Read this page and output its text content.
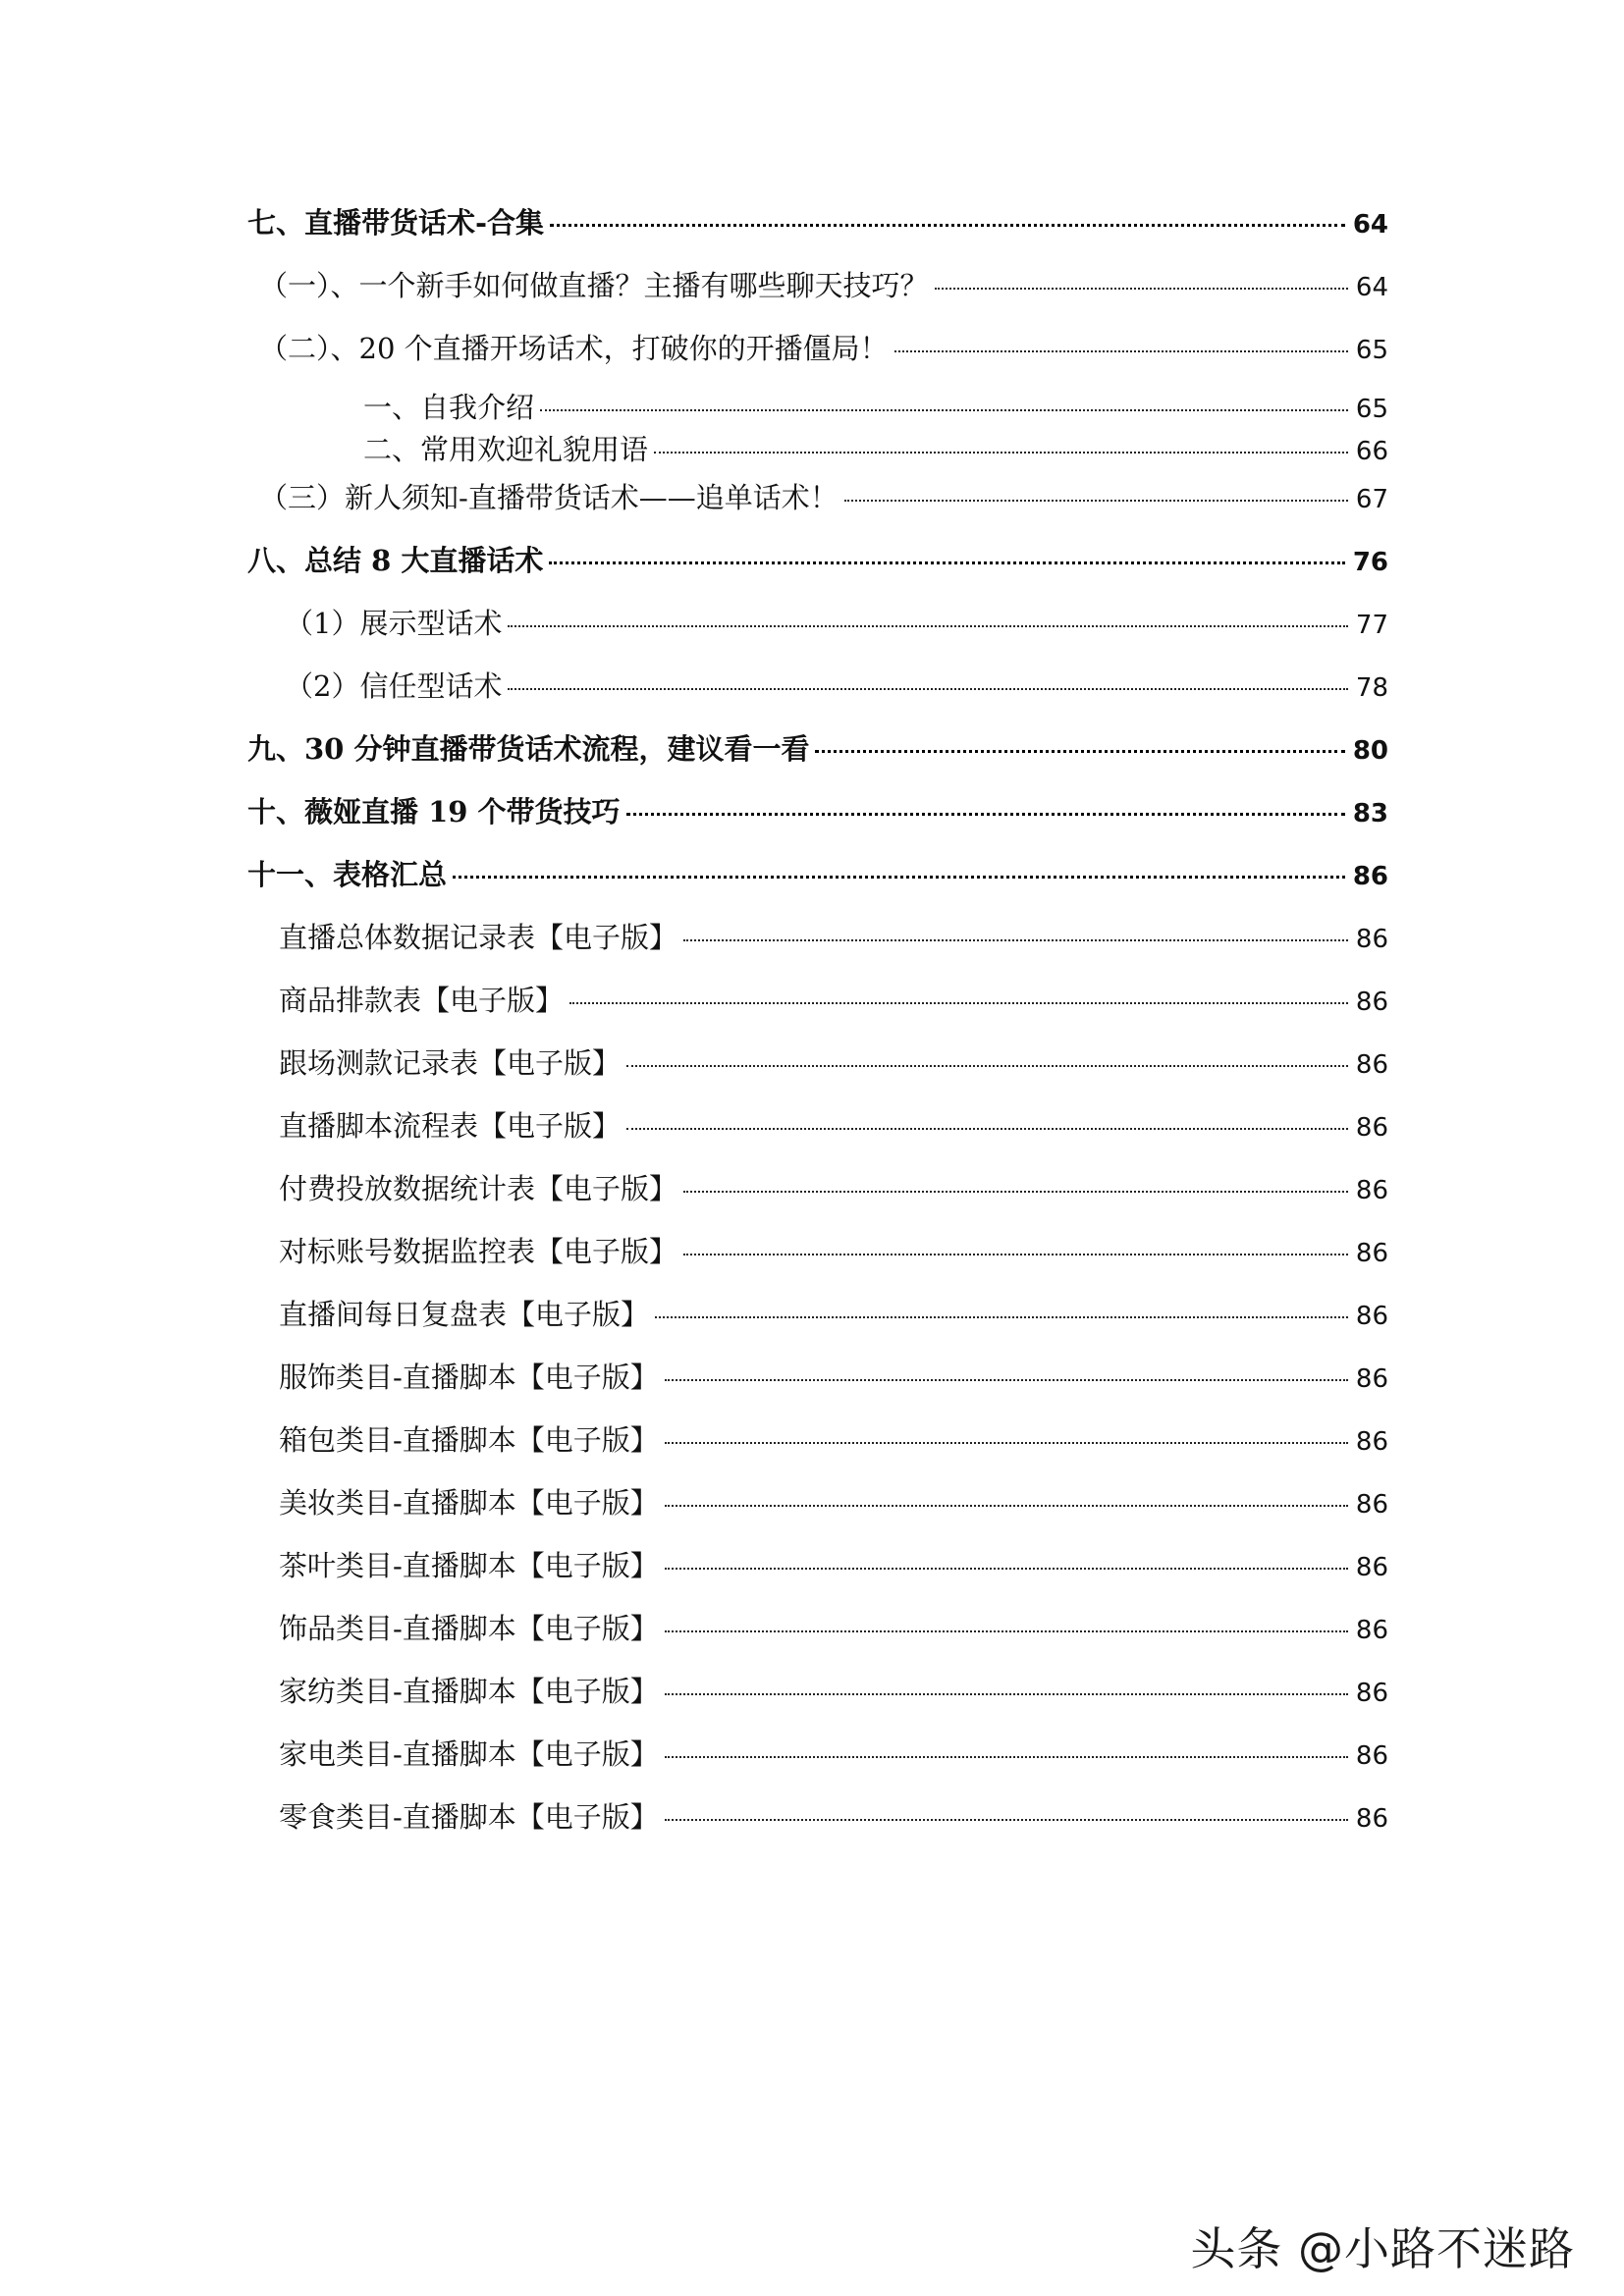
七、直播带货话术-合集	64
（一）、一个新手如何做直播？主播有哪些聊天技巧？	64
（二）、20 个直播开场话术，打破你的开播僵局！	65
一、自我介绍	65
二、常用欢迎礼貌用语	66
（三）新人须知-直播带货话术——追单话术！	67
八、总结 8 大直播话术	76
（1）展示型话术	77
（2）信任型话术	78
九、30 分钟直播带货话术流程，建议看一看	80
十、薇娅直播 19 个带货技巧	83
十一、表格汇总	86
直播总体数据记录表【电子版】	86
商品排款表【电子版】	86
跟场测款记录表【电子版】	86
直播脚本流程表【电子版】	86
付费投放数据统计表【电子版】	86
对标账号数据监控表【电子版】	86
直播间每日复盘表【电子版】	86
服饰类目-直播脚本【电子版】	86
箱包类目-直播脚本【电子版】	86
美妆类目-直播脚本【电子版】	86
茶叶类目-直播脚本【电子版】	86
饰品类目-直播脚本【电子版】	86
家纺类目-直播脚本【电子版】	86
家电类目-直播脚本【电子版】	86
零食类目-直播脚本【电子版】	86
头条 @小路不迷路
